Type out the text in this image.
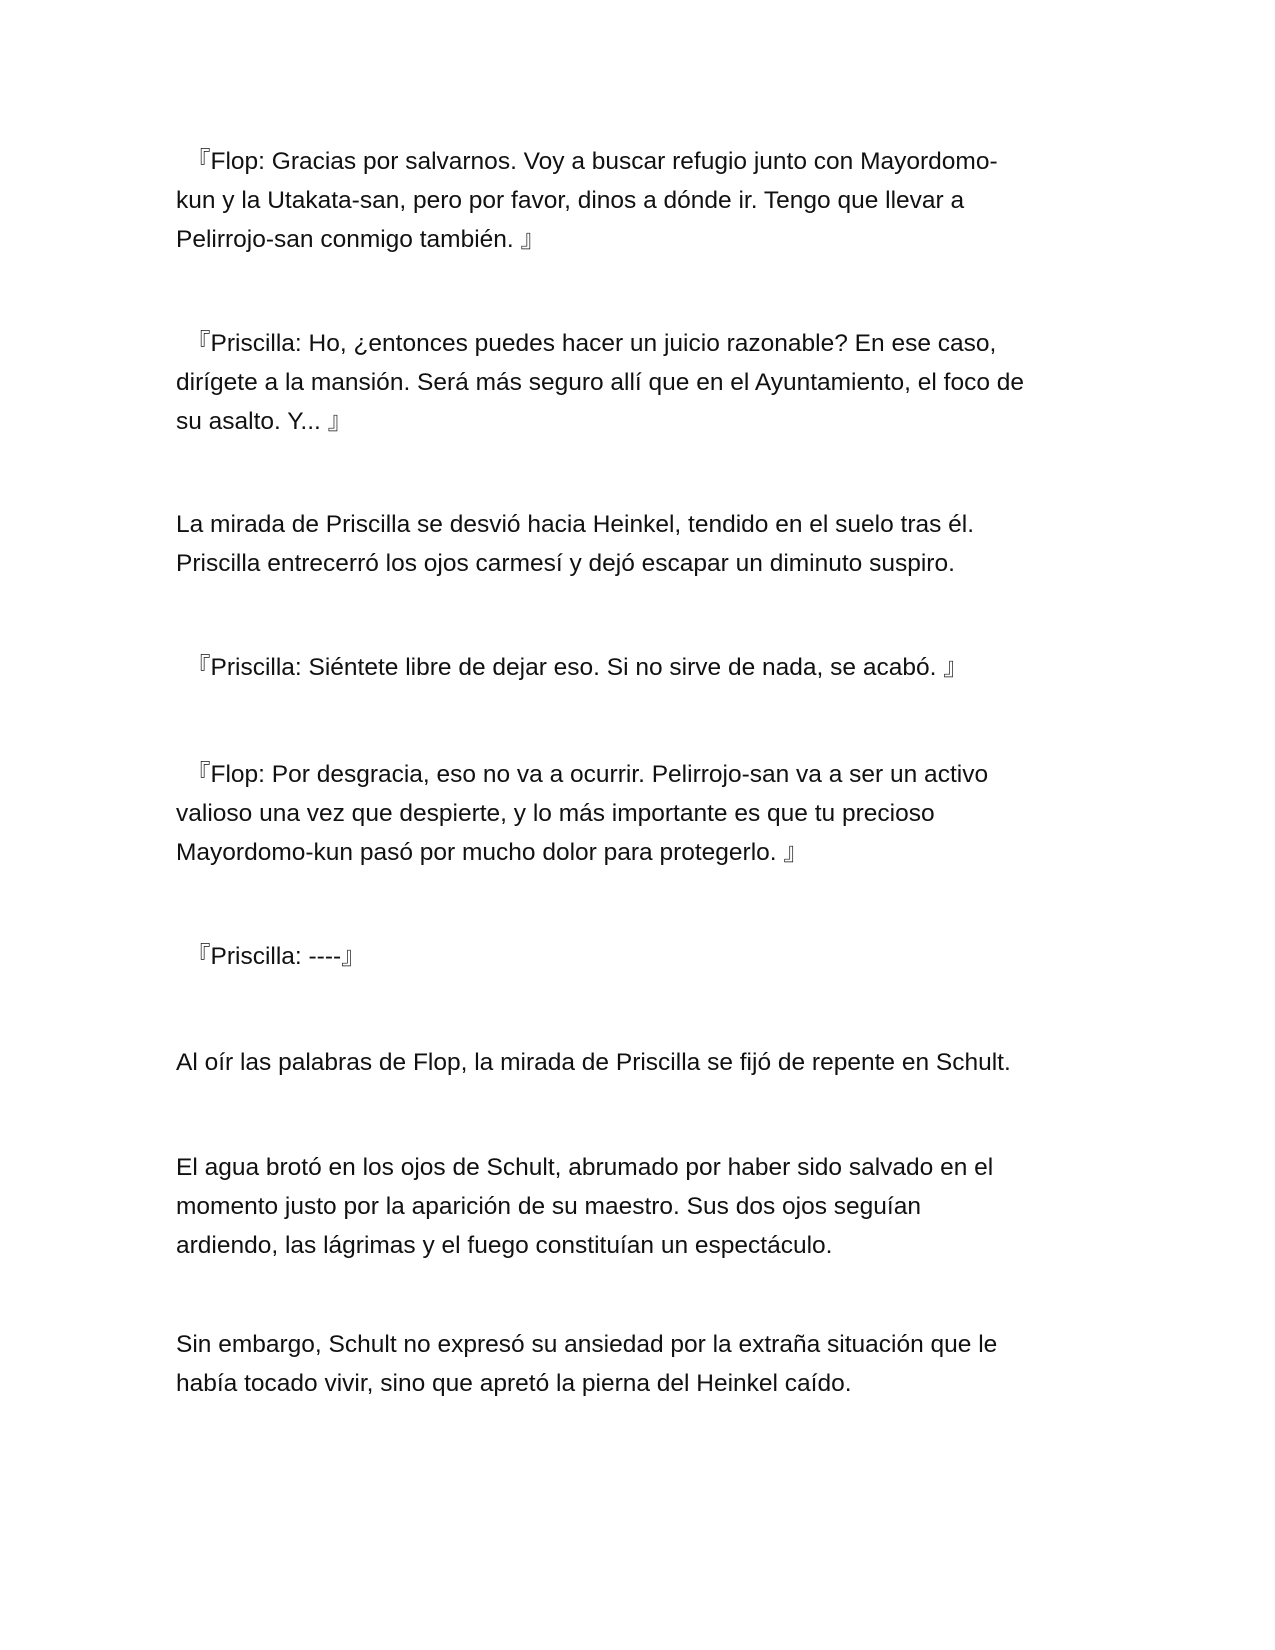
『Flop: Gracias por salvarnos. Voy a buscar refugio junto con Mayordomo-
kun y la Utakata-san, pero por favor, dinos a dónde ir. Tengo que llevar a
Pelirrojo-san conmigo también. 』

『Priscilla: Ho, ¿entonces puedes hacer un juicio razonable? En ese caso,
dirígete a la mansión. Será más seguro allí que en el Ayuntamiento, el foco de
su asalto. Y... 』

La mirada de Priscilla se desvió hacia Heinkel, tendido en el suelo tras él.
Priscilla entrecerró los ojos carmesí y dejó escapar un diminuto suspiro.

『Priscilla: Siéntete libre de dejar eso. Si no sirve de nada, se acabó. 』

『Flop: Por desgracia, eso no va a ocurrir. Pelirrojo-san va a ser un activo
valioso una vez que despierte, y lo más importante es que tu precioso
Mayordomo-kun pasó por mucho dolor para protegerlo. 』

『Priscilla: ----』

Al oír las palabras de Flop, la mirada de Priscilla se fijó de repente en Schult.

El agua brotó en los ojos de Schult, abrumado por haber sido salvado en el
momento justo por la aparición de su maestro. Sus dos ojos seguían
ardiendo, las lágrimas y el fuego constituían un espectáculo.

Sin embargo, Schult no expresó su ansiedad por la extraña situación que le
había tocado vivir, sino que apretó la pierna del Heinkel caído.
